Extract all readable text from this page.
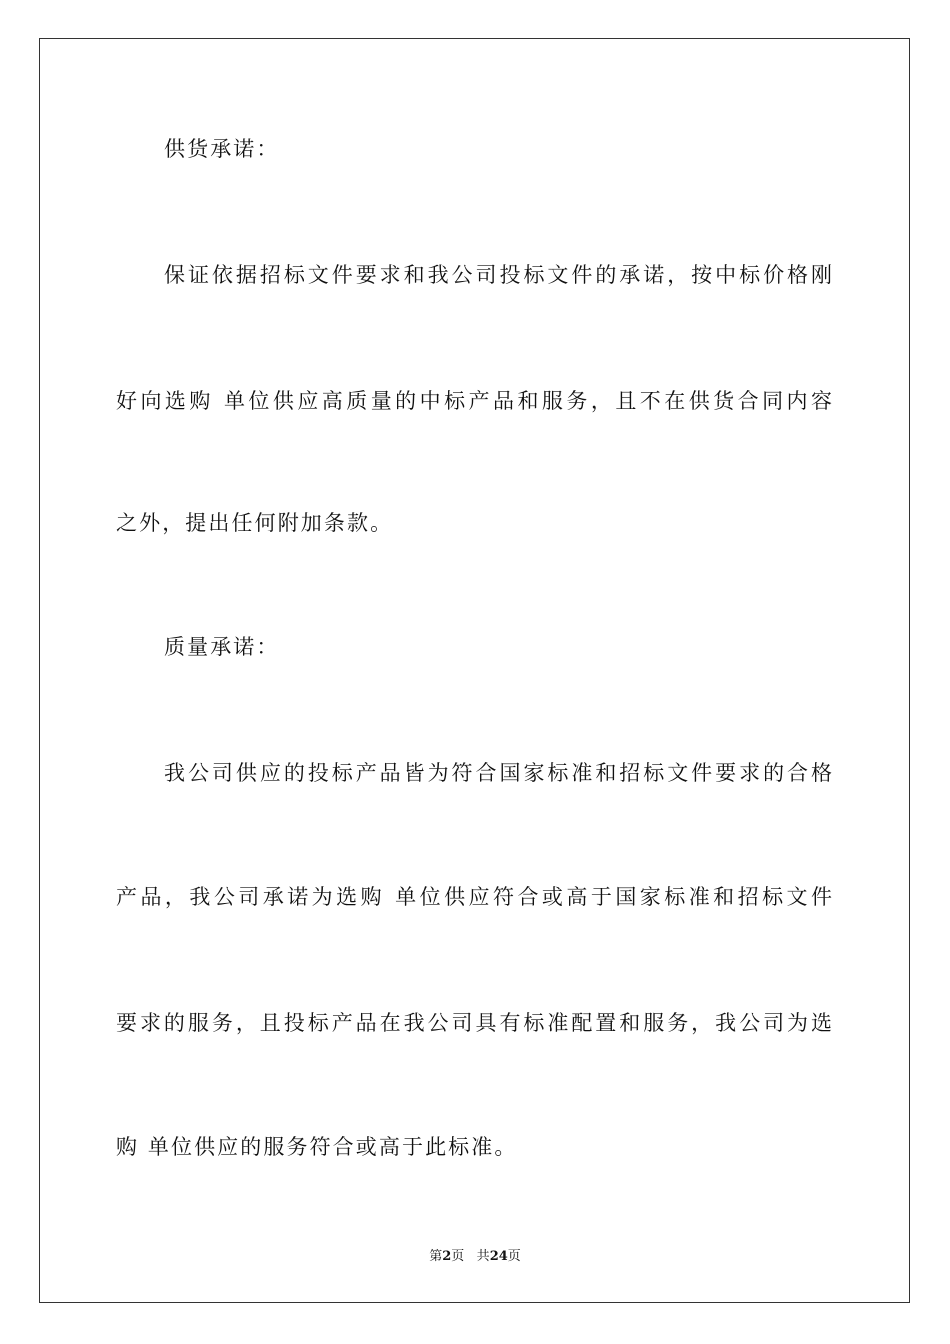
供货承诺：
保证依据招标文件要求和我公司投标文件的承诺，按中标价格刚
好向选购 单位供应高质量的中标产品和服务，且不在供货合同内容
之外，提出任何附加条款。
质量承诺：
我公司供应的投标产品皆为符合国家标准和招标文件要求的合格
产品，我公司承诺为选购 单位供应符合或高于国家标准和招标文件
要求的服务，且投标产品在我公司具有标准配置和服务，我公司为选
购 单位供应的服务符合或高于此标准。
第2页 共24页
